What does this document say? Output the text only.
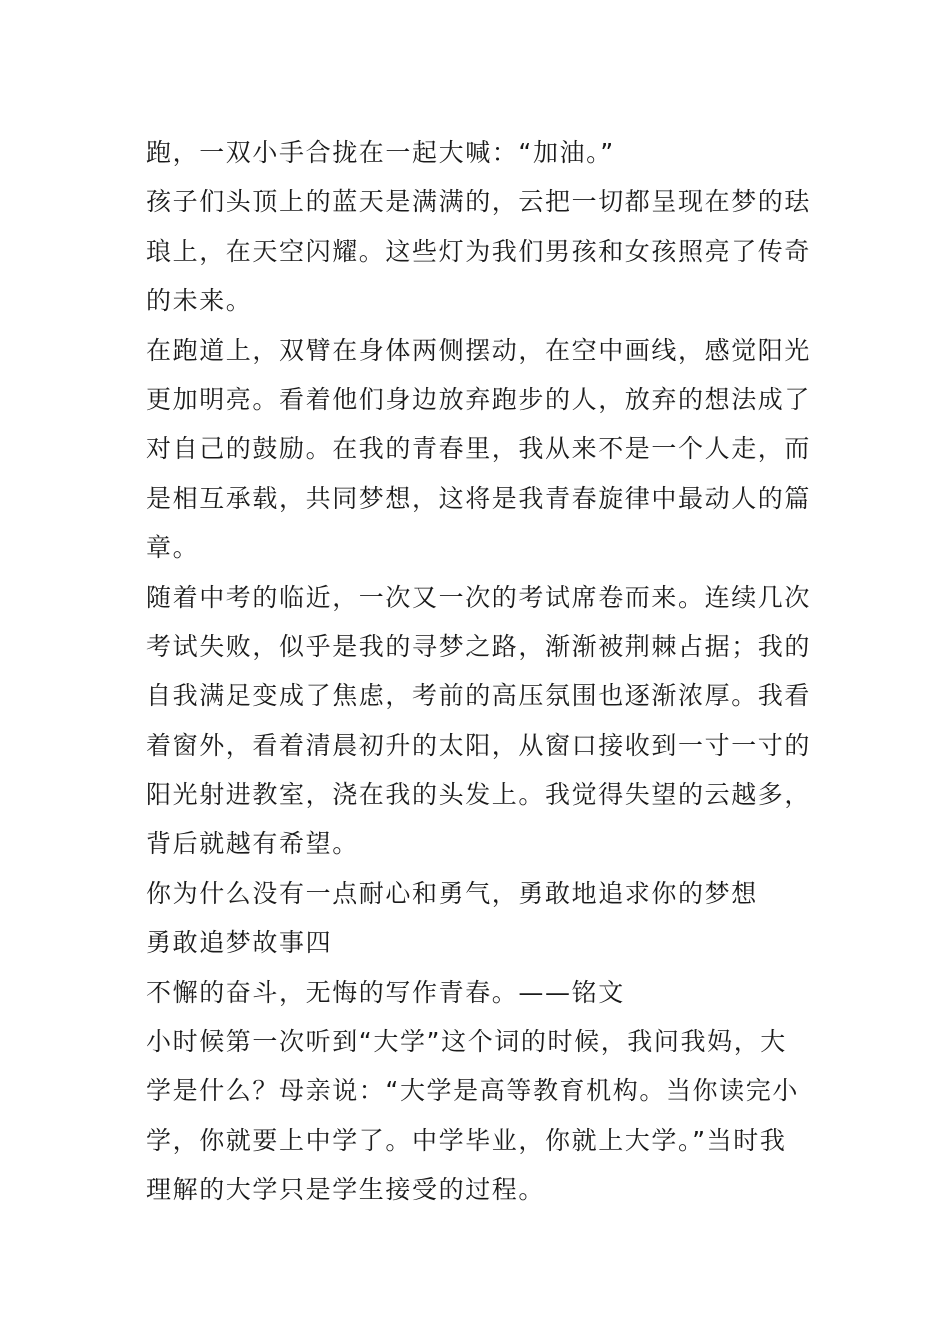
跑，一双小手合拢在一起大喊：“加油。”
孩子们头顶上的蓝天是满满的，云把一切都呈现在梦的珐
琅上，在天空闪耀。这些灯为我们男孩和女孩照亮了传奇
的未来。
在跑道上，双臂在身体两侧摆动，在空中画线，感觉阳光
更加明亮。看着他们身边放弃跑步的人，放弃的想法成了
对自己的鼓励。在我的青春里，我从来不是一个人走，而
是相互承载，共同梦想，这将是我青春旋律中最动人的篇
章。
随着中考的临近，一次又一次的考试席卷而来。连续几次
考试失败，似乎是我的寻梦之路，渐渐被荆棘占据；我的
自我满足变成了焦虑，考前的高压氛围也逐渐浓厚。我看
着窗外，看着清晨初升的太阳，从窗口接收到一寸一寸的
阳光射进教室，浇在我的头发上。我觉得失望的云越多，
背后就越有希望。
你为什么没有一点耐心和勇气，勇敢地追求你的梦想
勇敢追梦故事四
不懈的奋斗，无悔的写作青春。——铭文
小时候第一次听到“大学”这个词的时候，我问我妈，大
学是什么？母亲说：“大学是高等教育机构。当你读完小
学，你就要上中学了。中学毕业，你就上大学。”当时我
理解的大学只是学生接受的过程。
